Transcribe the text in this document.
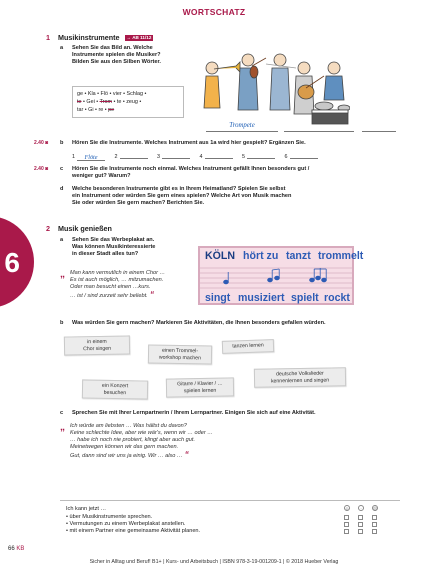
WORTSCHATZ
6
1 Musikinstrumente → AB 11/12
a Sehen Sie das Bild an. Welche
Instrumente spielen die Musiker?
Bilden Sie aus den Silben Wörter.
ge • Kla • Flö • vier • Schlag •
te • Gei • Trom • te • zeug •
tar • Gi • re • pe
Trompete
2.40 ◙ b Hören Sie die Instrumente. Welches Instrument aus 1a wird hier gespielt? Ergänzen Sie.
1 Flöte	2	3	4	5	6
2.40 ◙ c Hören Sie die Instrumente noch einmal. Welches Instrument gefällt Ihnen besonders gut /
weniger gut? Warum?
d Welche besonderen Instrumente gibt es in Ihrem Heimatland? Spielen Sie selbst
ein Instrument oder würden Sie gern eines spielen? Welche Art von Musik machen
Sie oder würden Sie gern machen? Berichten Sie.
2 Musik genießen
a Sehen Sie das Werbeplakat an.
Was können Musikinteressierte
in dieser Stadt alles tun?
„ Man kann vermutlich in einem Chor …
Es ist auch möglich, … mitzumachen.
Oder man besucht einen …kurs.
… ist / sind zurzeit sehr beliebt. “
KÖLN hört zu tanzt trommelt
singt musiziert spielt rockt
b Was würden Sie gern machen? Markieren Sie Aktivitäten, die Ihnen besonders gefallen würden.
in einem
Chor singen	einen Trommel-
workshop machen
tanzen lernen
deutsche Volkslieder
kennenlernen und singen
ein Konzert
besuchen
Gitarre / Klavier / …
spielen lernen
c Sprechen Sie mit Ihrer Lernpartnerin / Ihrem Lernpartner. Einigen Sie sich auf eine Aktivität.
„ Ich würde am liebsten … Was hältst du davon?
Keine schlechte Idee, aber wie wär's, wenn wir … oder …
… habe ich noch nie probiert, klingt aber auch gut.
Meinetwegen können wir das gern machen.
Gut, dann sind wir uns ja einig. Wir … also … “
Ich kann jetzt …	☺	·	☹
• über Musikinstrumente sprechen.
• Vermutungen zu einem Werbeplakat anstellen.
• mit einem Partner eine gemeinsame Aktivität planen.
66 KB
Sicher in Alltag und Beruf! B1+ | Kurs- und Arbeitsbuch | ISBN 978-3-19-001209-1 | © 2018 Hueber Verlag
